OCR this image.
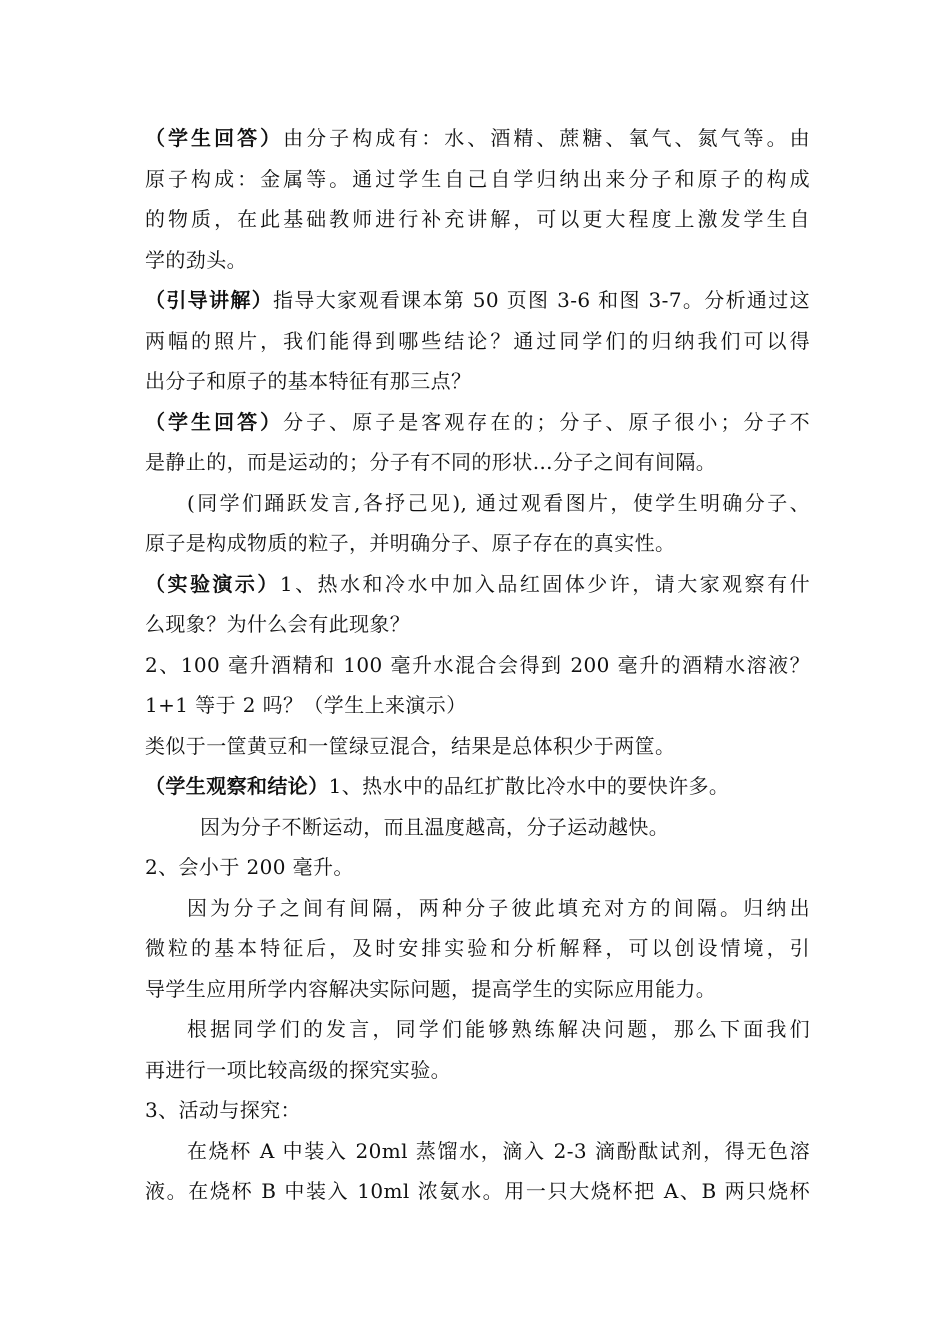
（学生回答）由分子构成有：水、酒精、蔗糖、氧气、氮气等。由
原子构成：金属等。通过学生自己自学归纳出来分子和原子的构成
的物质，在此基础教师进行补充讲解，可以更大程度上激发学生自
学的劲头。
（引导讲解）指导大家观看课本第 50 页图 3-6 和图 3-7。分析通过这
两幅的照片，我们能得到哪些结论？通过同学们的归纳我们可以得
出分子和原子的基本特征有那三点？
（学生回答）分子、原子是客观存在的；分子、原子很小；分子不
是静止的，而是运动的；分子有不同的形状…分子之间有间隔。
(同学们踊跃发言,各抒己见), 通过观看图片，使学生明确分子、
原子是构成物质的粒子，并明确分子、原子存在的真实性。
（实验演示）1、热水和冷水中加入品红固体少许，请大家观察有什
么现象？为什么会有此现象？
2、100 毫升酒精和 100 毫升水混合会得到 200 毫升的酒精水溶液？
1+1 等于 2 吗？（学生上来演示）
类似于一筐黄豆和一筐绿豆混合，结果是总体积少于两筐。
（学生观察和结论）1、热水中的品红扩散比冷水中的要快许多。
因为分子不断运动，而且温度越高，分子运动越快。
2、会小于 200 毫升。
因为分子之间有间隔，两种分子彼此填充对方的间隔。归纳出
微粒的基本特征后，及时安排实验和分析解释，可以创设情境，引
导学生应用所学内容解决实际问题，提高学生的实际应用能力。
根据同学们的发言，同学们能够熟练解决问题，那么下面我们
再进行一项比较高级的探究实验。
3、活动与探究：
在烧杯 A 中装入 20ml 蒸馏水，滴入 2-3 滴酚酞试剂，得无色溶
液。在烧杯 B 中装入 10ml 浓氨水。用一只大烧杯把 A、B 两只烧杯
